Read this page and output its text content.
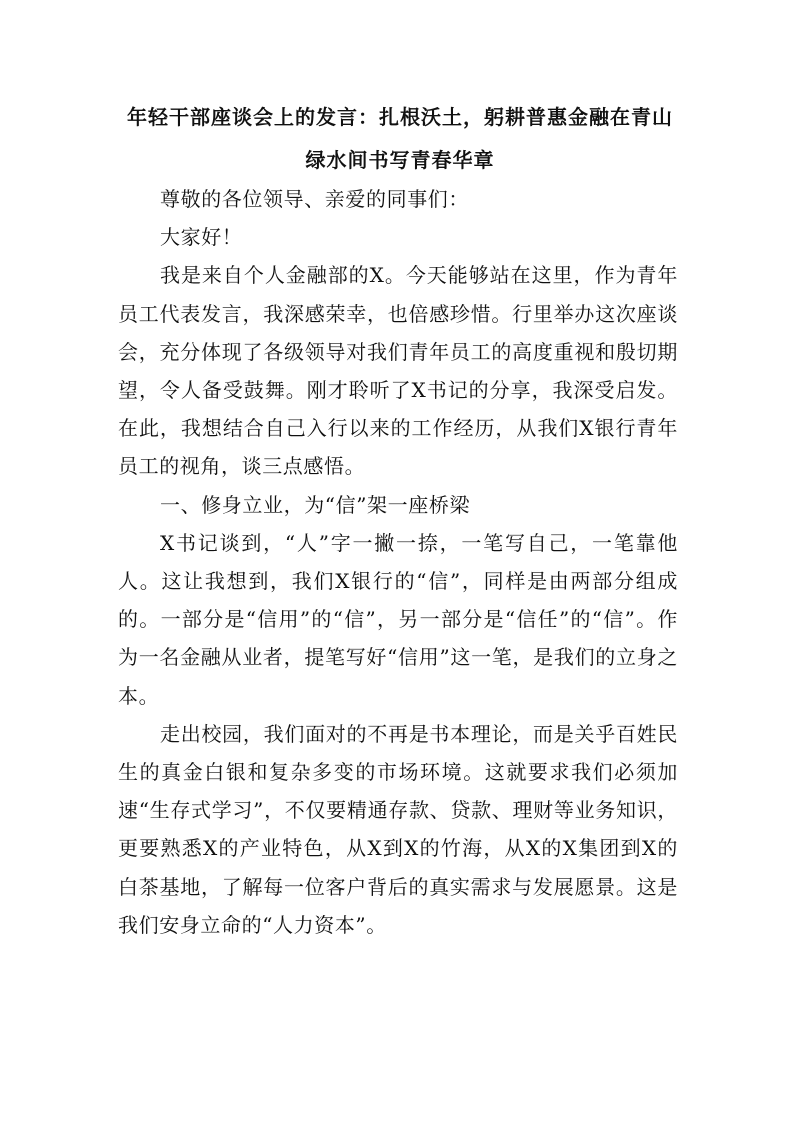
年轻干部座谈会上的发言：扎根沃土，躬耕普惠金融在青山
绿水间书写青春华章

尊敬的各位领导、亲爱的同事们：

大家好！

我是来自个人金融部的X。今天能够站在这里，作为青年员工代表发言，我深感荣幸，也倍感珍惜。行里举办这次座谈会，充分体现了各级领导对我们青年员工的高度重视和殷切期望，令人备受鼓舞。刚才聆听了X书记的分享，我深受启发。在此，我想结合自己入行以来的工作经历，从我们X银行青年员工的视角，谈三点感悟。

一、修身立业，为“信”架一座桥梁

X书记谈到，“人”字一撇一捺，一笔写自己，一笔靠他人。这让我想到，我们X银行的“信”，同样是由两部分组成的。一部分是“信用”的“信”，另一部分是“信任”的“信”。作为一名金融从业者，提笔写好“信用”这一笔，是我们的立身之本。

走出校园，我们面对的不再是书本理论，而是关乎百姓民生的真金白银和复杂多变的市场环境。这就要求我们必须加速“生存式学习”，不仅要精通存款、贷款、理财等业务知识，更要熟悉X的产业特色，从X到X的竹海，从X的X集团到X的白茶基地，了解每一位客户背后的真实需求与发展愿景。这是我们安身立命的“人力资本”。
